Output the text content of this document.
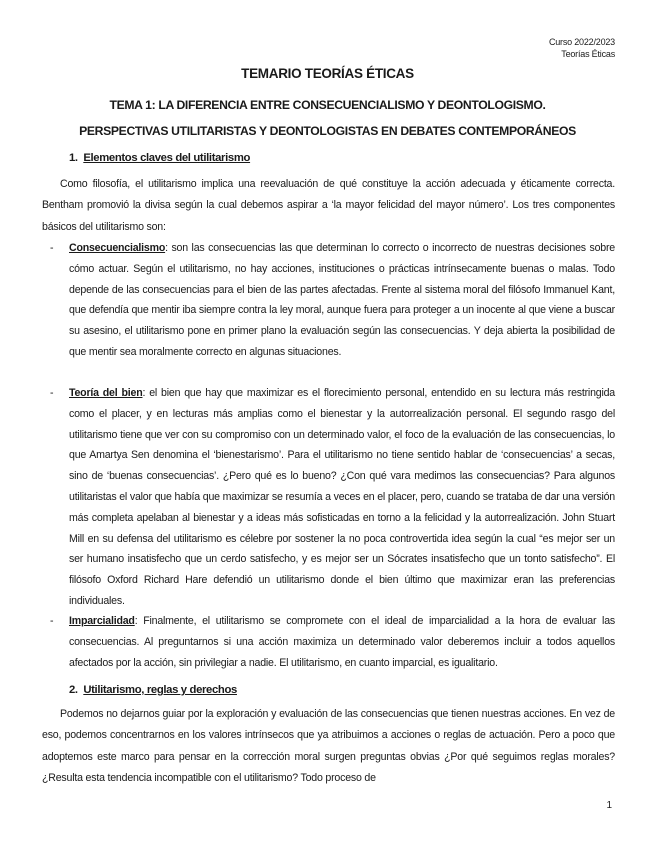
Curso 2022/2023
Teorías Éticas
TEMARIO TEORÍAS ÉTICAS
TEMA 1: LA DIFERENCIA ENTRE CONSECUENCIALISMO Y DEONTOLOGISMO.
PERSPECTIVAS UTILITARISTAS Y DEONTOLOGISTAS EN DEBATES CONTEMPORÁNEOS
1. Elementos claves del utilitarismo
Como filosofía, el utilitarismo implica una reevaluación de qué constituye la acción adecuada y éticamente correcta. Bentham promovió la divisa según la cual debemos aspirar a ‘la mayor felicidad del mayor número’. Los tres componentes básicos del utilitarismo son:
- Consecuencialismo: son las consecuencias las que determinan lo correcto o incorrecto de nuestras decisiones sobre cómo actuar. Según el utilitarismo, no hay acciones, instituciones o prácticas intrínsecamente buenas o malas. Todo depende de las consecuencias para el bien de las partes afectadas. Frente al sistema moral del filósofo Immanuel Kant, que defendía que mentir iba siempre contra la ley moral, aunque fuera para proteger a un inocente al que viene a buscar su asesino, el utilitarismo pone en primer plano la evaluación según las consecuencias. Y deja abierta la posibilidad de que mentir sea moralmente correcto en algunas situaciones.
- Teoría del bien: el bien que hay que maximizar es el florecimiento personal, entendido en su lectura más restringida como el placer, y en lecturas más amplias como el bienestar y la autorrealización personal. El segundo rasgo del utilitarismo tiene que ver con su compromiso con un determinado valor, el foco de la evaluación de las consecuencias, lo que Amartya Sen denomina el ‘bienestarismo’. Para el utilitarismo no tiene sentido hablar de ‘consecuencias’ a secas, sino de ‘buenas consecuencias’. ¿Pero qué es lo bueno? ¿Con qué vara medimos las consecuencias? Para algunos utilitaristas el valor que había que maximizar se resumía a veces en el placer, pero, cuando se trataba de dar una versión más completa apelaban al bienestar y a ideas más sofisticadas en torno a la felicidad y la autorrealización. John Stuart Mill en su defensa del utilitarismo es célebre por sostener la no poca controvertida idea según la cual “es mejor ser un ser humano insatisfecho que un cerdo satisfecho, y es mejor ser un Sócrates insatisfecho que un tonto satisfecho”. El filósofo Oxford Richard Hare defendió un utilitarismo donde el bien último que maximizar eran las preferencias individuales.
- Imparcialidad: Finalmente, el utilitarismo se compromete con el ideal de imparcialidad a la hora de evaluar las consecuencias. Al preguntarnos si una acción maximiza un determinado valor deberemos incluir a todos aquellos afectados por la acción, sin privilegiar a nadie. El utilitarismo, en cuanto imparcial, es igualitario.
2. Utilitarismo, reglas y derechos
Podemos no dejarnos guiar por la exploración y evaluación de las consecuencias que tienen nuestras acciones. En vez de eso, podemos concentrarnos en los valores intrínsecos que ya atribuimos a acciones o reglas de actuación. Pero a poco que adoptemos este marco para pensar en la corrección moral surgen preguntas obvias ¿Por qué seguimos reglas morales? ¿Resulta esta tendencia incompatible con el utilitarismo? Todo proceso de
1
